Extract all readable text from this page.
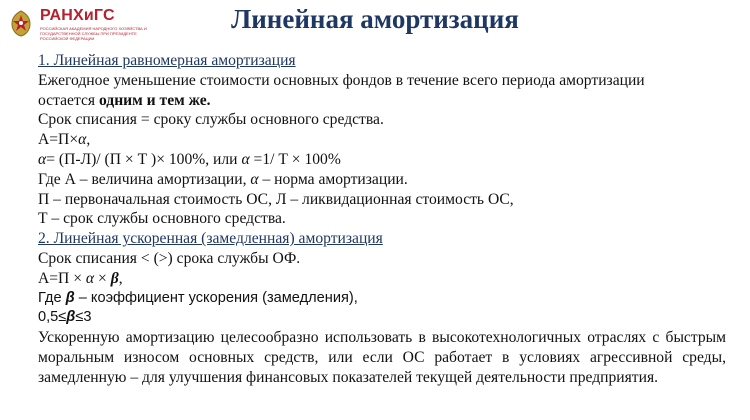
РАНХиГС
РОССИЙСКАЯ АКАДЕМИЯ НАРОДНОГО ХОЗЯЙСТВА И ГОСУДАРСТВЕННОЙ СЛУЖБЫ ПРИ ПРЕЗИДЕНТЕ РОССИЙСКОЙ ФЕДЕРАЦИИ
Линейная амортизация
1. Линейная равномерная амортизация
Ежегодное уменьшение стоимости основных фондов в течение всего периода амортизации
остается одним и тем же.
Срок списания = сроку службы основного средства.
А=П×α,
α= (П-Л)/ (П × Т )× 100%, или α =1/ Т × 100%
Где А – величина амортизации, α – норма амортизации.
П – первоначальная стоимость ОС, Л – ликвидационная стоимость ОС,
Т – срок службы основного средства.
2. Линейная ускоренная (замедленная) амортизация
Срок списания < (>) срока службы ОФ.
А=П × α × β,
Где β – коэффициент ускорения (замедления),
0,5≤β≤3
Ускоренную амортизацию целесообразно использовать в высокотехнологичных отраслях с быстрым моральным износом основных средств, или если ОС работает в условиях агрессивной среды, замедленную – для улучшения финансовых показателей текущей деятельности предприятия.
